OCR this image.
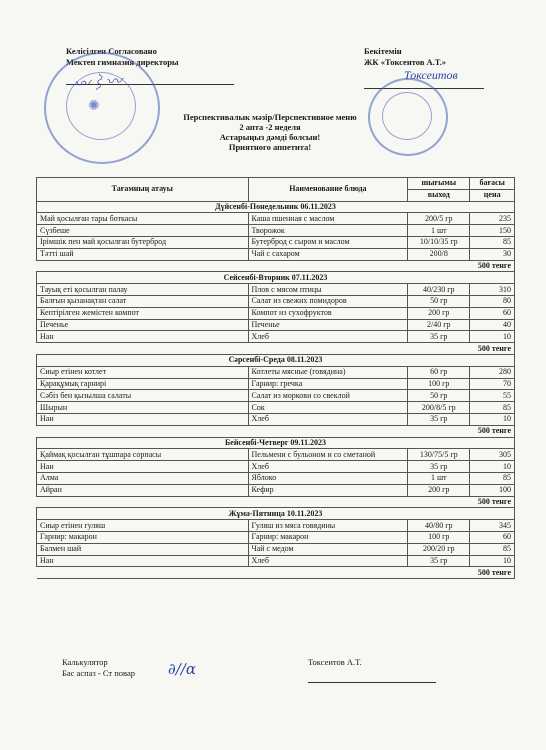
Келісілген Согласовано
Мектеп гимназия директоры
✺
〰⌇〰
Бекітемін
ЖК «Токсеитов А.Т.»
Токсеитов
Перспективалык мәзір/Перспективное меню
2 апта -2 неделя
Астарыңыз дәмді болсын!
Приятного аппетита!
Тағамның атауы	Наименование блюда	шығымы	бағасы
		выход	цена
Дүйсенбі-Понедельник 06.11.2023			
Май қосылған тары боткасы	Каша пшенная с маслом	200/5 гр	235
Сүзбеше	Творожок	1 шт	150
Ірімшік пен май қосылған бутерброд	Бутерброд с сыром и маслом	10/10/35 гр	85
Тәтті шай	Чай с сахаром	200/8	30
			500 тенге
Сейсенбі-Вторник 07.11.2023			
Тауық еті қосылған палау	Плов с мясом птицы	40/230 гр	310
Балғын қызанақтан салат	Салат из свежих помидоров	50 гр	80
Кептірілген жемістен компот	Компот из сухофруктов	200 гр	60
Печенье	Печенье	2/40 гр	40
Нан	Хлеб	35 гр	10
			500 тенге
Сәрсенбі-Среда 08.11.2023			
Сиыр етінен котлет	Котлеты мясные (говядина)	60 гр	280
Қарақұмық гарнирі	Гарнир: гречка	100 гр	70
Сәбіз бен қызылша салаты	Салат из моркови со свеклой	50 гр	55
Шырын	Сок	200/8/5 гр	85
Нан	Хлеб	35 гр	10
			500 тенге
Бейсенбі-Четверг 09.11.2023			
Қаймақ қосылған тұшпара сорпасы	Пельмени с бульоном и со сметаной	130/75/5 гр	305
Нан	Хлеб	35 гр	10
Алма	Яблоко	1 шт	85
Айран	Кефир	200 гр	100
			500 тенге
Жұма-Пятница 10.11.2023			
Сиыр етінен гуляш	Гуляш из мяса говядины	40/80 гр	345
Гарнир: макарон	Гарнир: макарон	100 гр	60
Балмен шай	Чай с медом	200/20 гр	85
Нан	Хлеб	35 гр	10
			500 тенге
Калькулятор
Бас аспаз - Ст повар ∂∕∕α	Токсеитов А.Т.
